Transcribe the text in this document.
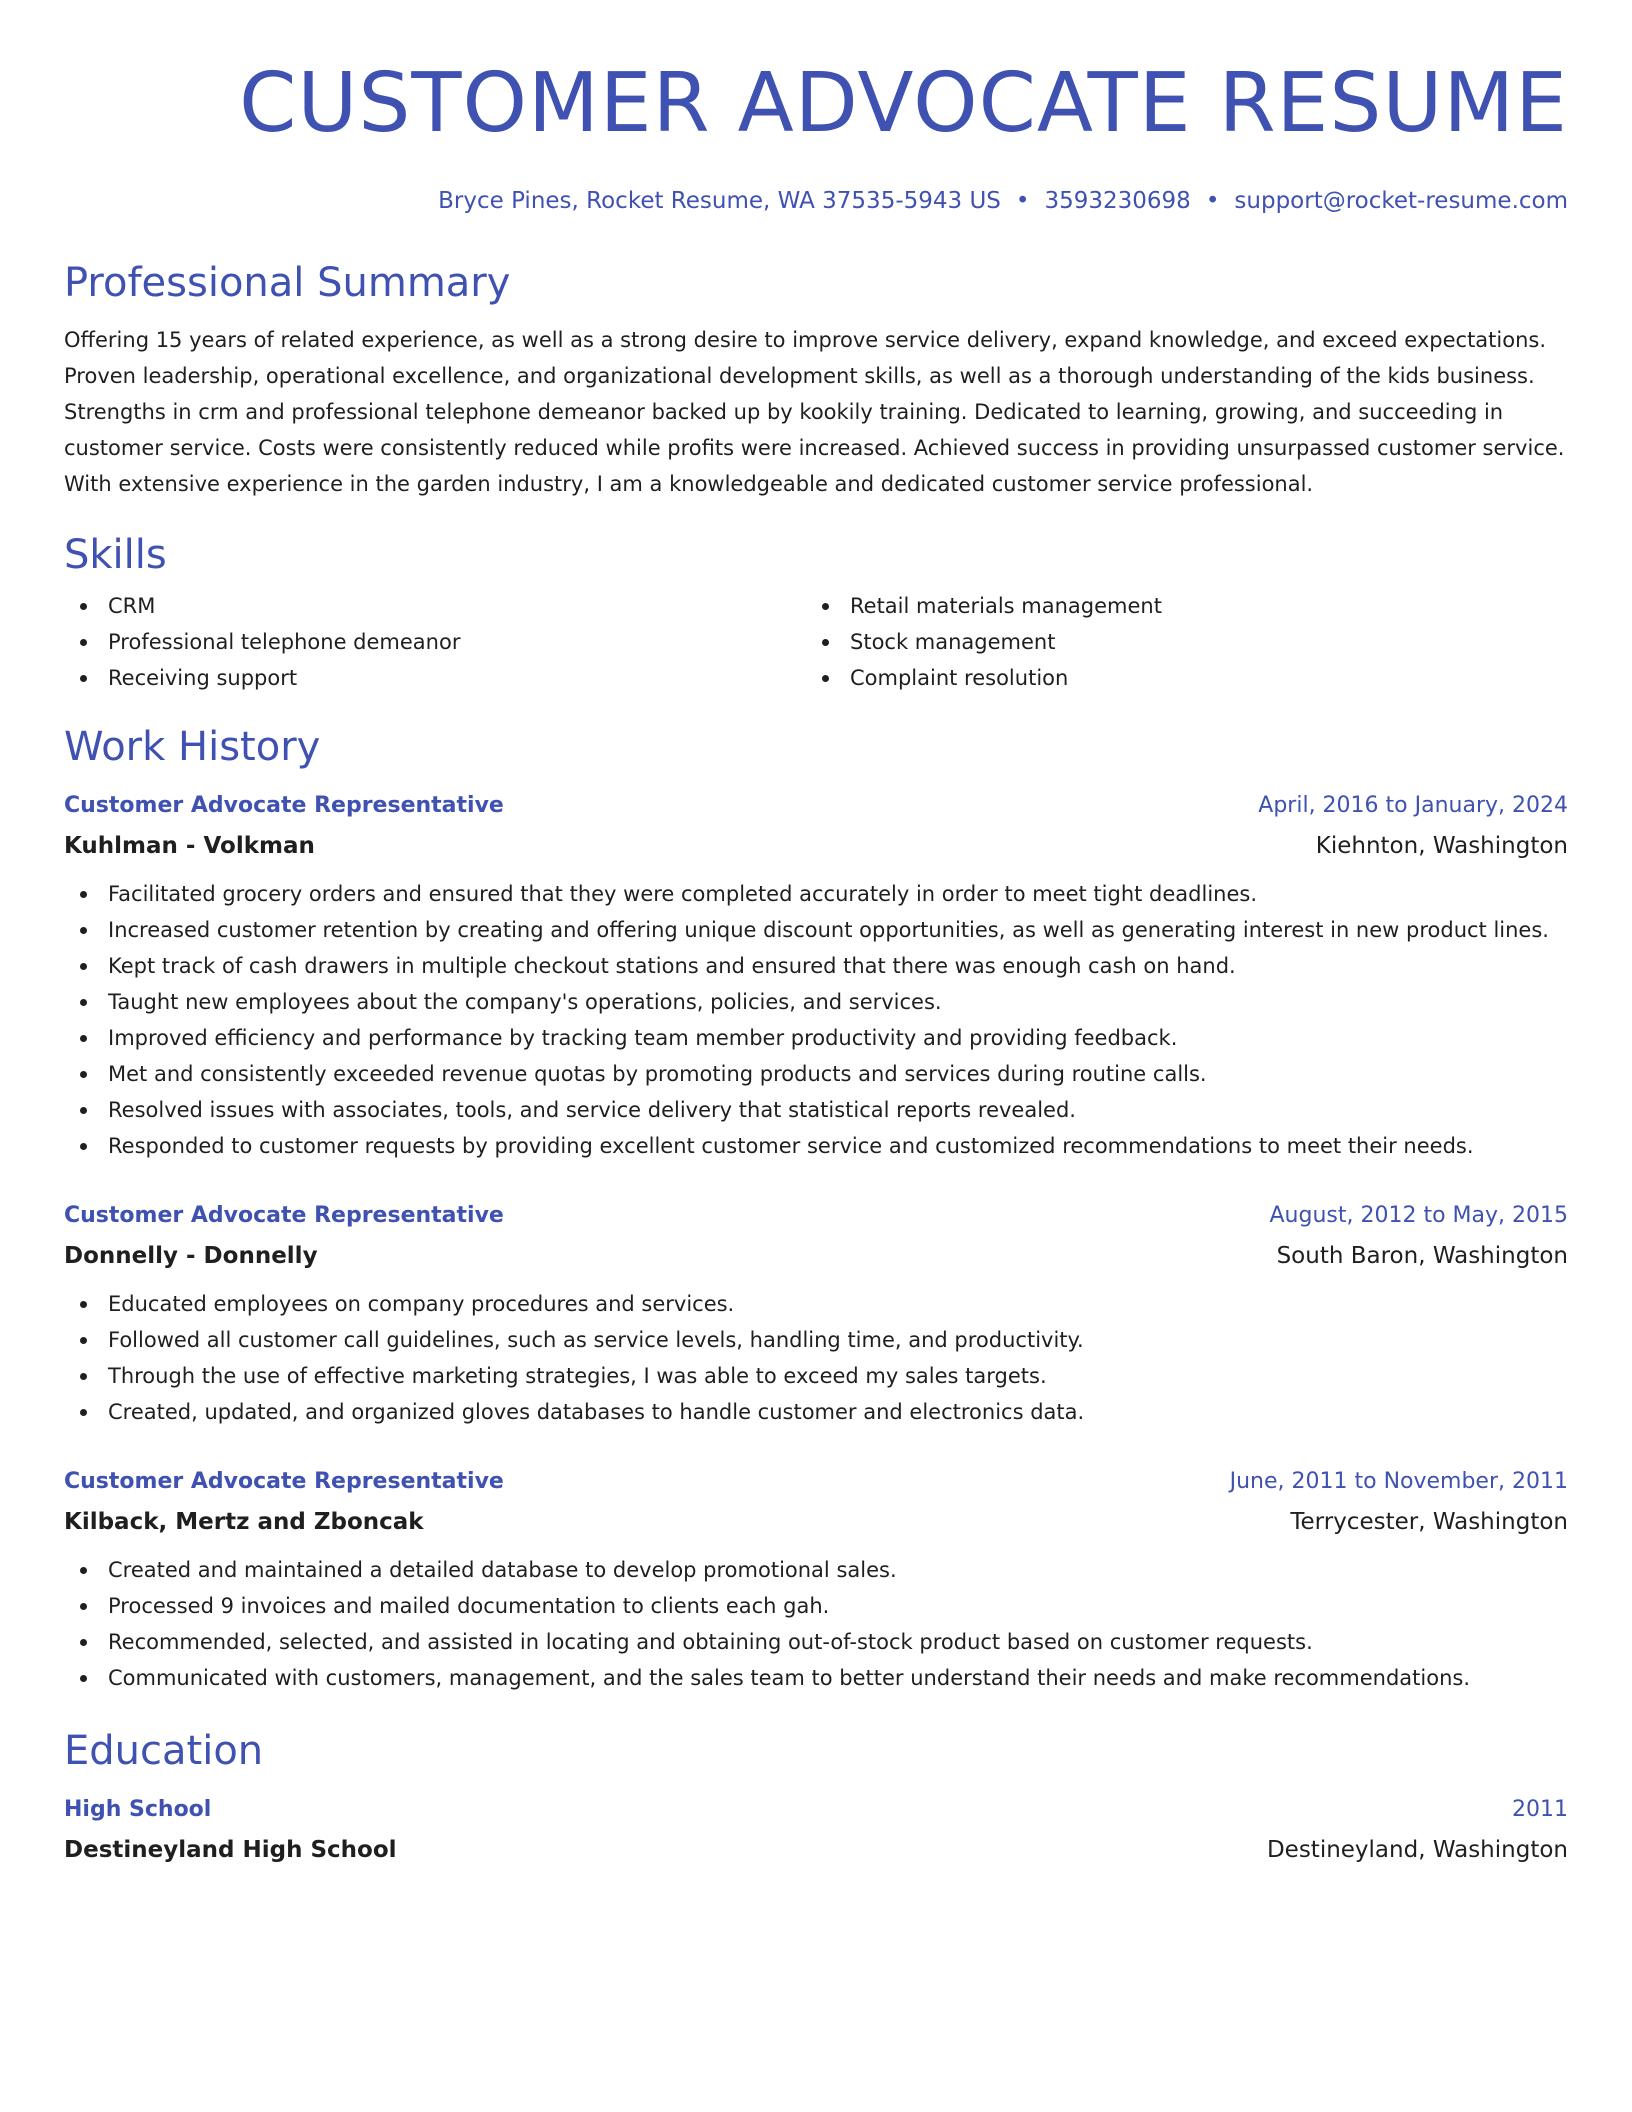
CUSTOMER ADVOCATE RESUME
Bryce Pines, Rocket Resume, WA 37535-5943 US • 3593230698 • support@rocket-resume.com
Professional Summary
Offering 15 years of related experience, as well as a strong desire to improve service delivery, expand knowledge, and exceed expectations. Proven leadership, operational excellence, and organizational development skills, as well as a thorough understanding of the kids business. Strengths in crm and professional telephone demeanor backed up by kookily training. Dedicated to learning, growing, and succeeding in customer service. Costs were consistently reduced while profits were increased. Achieved success in providing unsurpassed customer service. With extensive experience in the garden industry, I am a knowledgeable and dedicated customer service professional.
Skills
CRM
Professional telephone demeanor
Receiving support
Retail materials management
Stock management
Complaint resolution
Work History
Customer Advocate Representative	April, 2016 to January, 2024
Kuhlman - Volkman	Kiehnton, Washington
Facilitated grocery orders and ensured that they were completed accurately in order to meet tight deadlines.
Increased customer retention by creating and offering unique discount opportunities, as well as generating interest in new product lines.
Kept track of cash drawers in multiple checkout stations and ensured that there was enough cash on hand.
Taught new employees about the company's operations, policies, and services.
Improved efficiency and performance by tracking team member productivity and providing feedback.
Met and consistently exceeded revenue quotas by promoting products and services during routine calls.
Resolved issues with associates, tools, and service delivery that statistical reports revealed.
Responded to customer requests by providing excellent customer service and customized recommendations to meet their needs.
Customer Advocate Representative	August, 2012 to May, 2015
Donnelly - Donnelly	South Baron, Washington
Educated employees on company procedures and services.
Followed all customer call guidelines, such as service levels, handling time, and productivity.
Through the use of effective marketing strategies, I was able to exceed my sales targets.
Created, updated, and organized gloves databases to handle customer and electronics data.
Customer Advocate Representative	June, 2011 to November, 2011
Kilback, Mertz and Zboncak	Terrycester, Washington
Created and maintained a detailed database to develop promotional sales.
Processed 9 invoices and mailed documentation to clients each gah.
Recommended, selected, and assisted in locating and obtaining out-of-stock product based on customer requests.
Communicated with customers, management, and the sales team to better understand their needs and make recommendations.
Education
High School	2011
Destineyland High School	Destineyland, Washington
